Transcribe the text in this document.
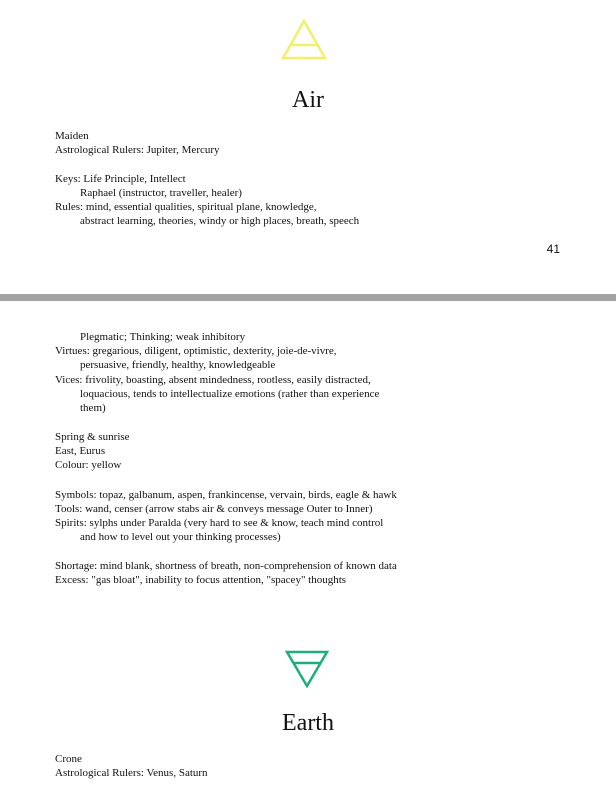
Air
Maiden
Astrological Rulers: Jupiter, Mercury
Keys: Life Principle, Intellect
Raphael (instructor, traveller, healer)
Rules: mind, essential qualities, spiritual plane, knowledge,
abstract learning, theories, windy or high places, breath, speech
41
Plegmatic; Thinking; weak inhibitory
Virtues: gregarious, diligent, optimistic, dexterity, joie-de-vivre,
persuasive, friendly, healthy, knowledgeable
Vices: frivolity, boasting, absent mindedness, rootless, easily distracted,
loquacious, tends to intellectualize emotions (rather than experience
them)
Spring & sunrise
East, Eurus
Colour: yellow
Symbols: topaz, galbanum, aspen, frankincense, vervain, birds, eagle & hawk
Tools: wand, censer (arrow stabs air & conveys message Outer to Inner)
Spirits: sylphs under Paralda (very hard to see & know, teach mind control
and how to level out your thinking processes)
Shortage: mind blank, shortness of breath, non-comprehension of known data
Excess: "gas bloat", inability to focus attention, "spacey" thoughts
Earth
Crone
Astrological Rulers: Venus, Saturn
